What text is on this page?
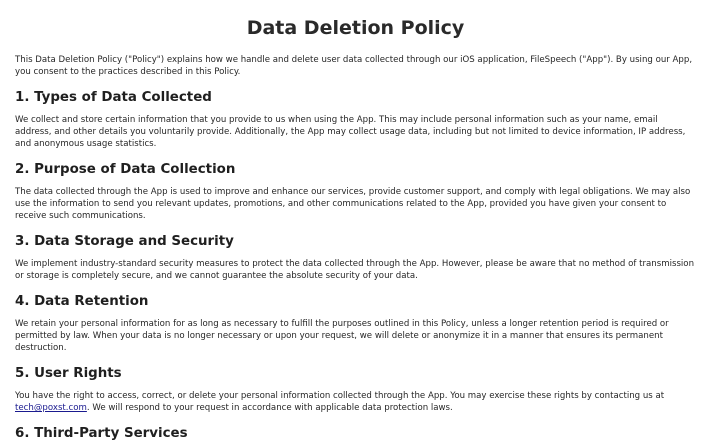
Data Deletion Policy

This Data Deletion Policy ("Policy") explains how we handle and delete user data collected through our iOS application, FileSpeech ("App"). By using our App, you consent to the practices described in this Policy.

1. Types of Data Collected

We collect and store certain information that you provide to us when using the App. This may include personal information such as your name, email address, and other details you voluntarily provide. Additionally, the App may collect usage data, including but not limited to device information, IP address, and anonymous usage statistics.

2. Purpose of Data Collection

The data collected through the App is used to improve and enhance our services, provide customer support, and comply with legal obligations. We may also use the information to send you relevant updates, promotions, and other communications related to the App, provided you have given your consent to receive such communications.

3. Data Storage and Security

We implement industry-standard security measures to protect the data collected through the App. However, please be aware that no method of transmission or storage is completely secure, and we cannot guarantee the absolute security of your data.

4. Data Retention

We retain your personal information for as long as necessary to fulfill the purposes outlined in this Policy, unless a longer retention period is required or permitted by law. When your data is no longer necessary or upon your request, we will delete or anonymize it in a manner that ensures its permanent destruction.

5. User Rights

You have the right to access, correct, or delete your personal information collected through the App. You may exercise these rights by contacting us at tech@poxst.com. We will respond to your request in accordance with applicable data protection laws.

6. Third-Party Services
